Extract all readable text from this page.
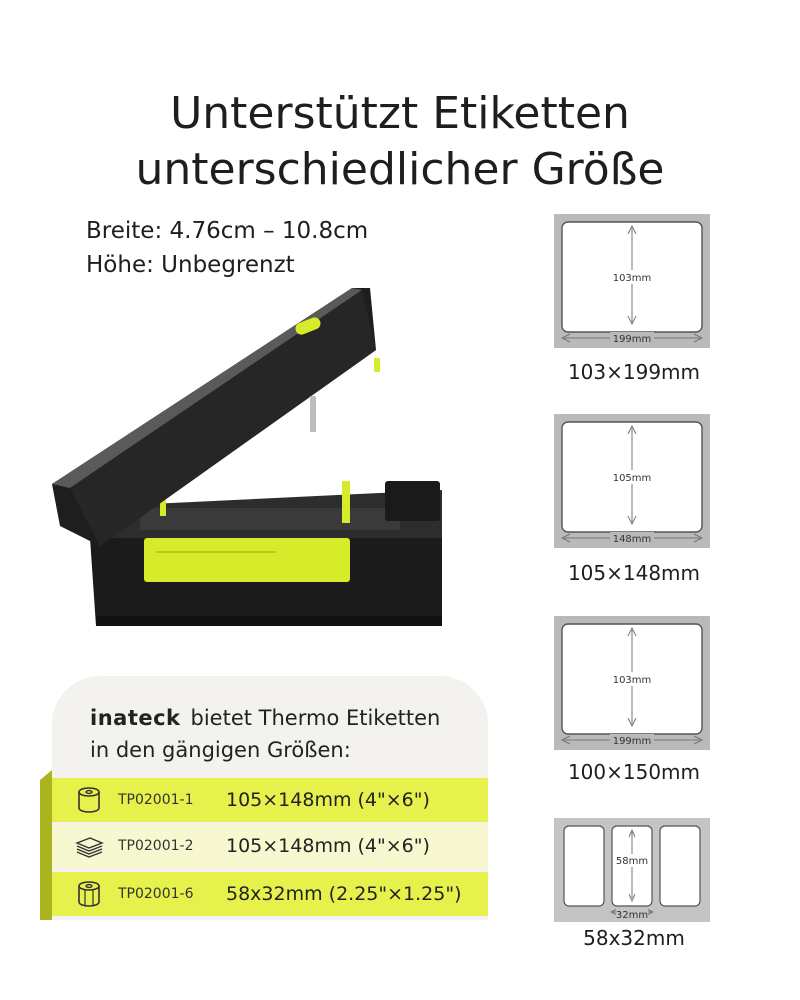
Unterstützt Etiketten
unterschiedlicher Größe
Breite: 4.76cm – 10.8cm
Höhe: Unbegrenzt
inateck bietet Thermo Etiketten
in den gängigen Größen:
TP02001-1	105×148mm (4"×6")
TP02001-2	105×148mm (4"×6")
TP02001-6	58x32mm (2.25"×1.25")
103mm
199mm
103×199mm
105mm
148mm
105×148mm
103mm
199mm
100×150mm
58mm
32mm
58x32mm
